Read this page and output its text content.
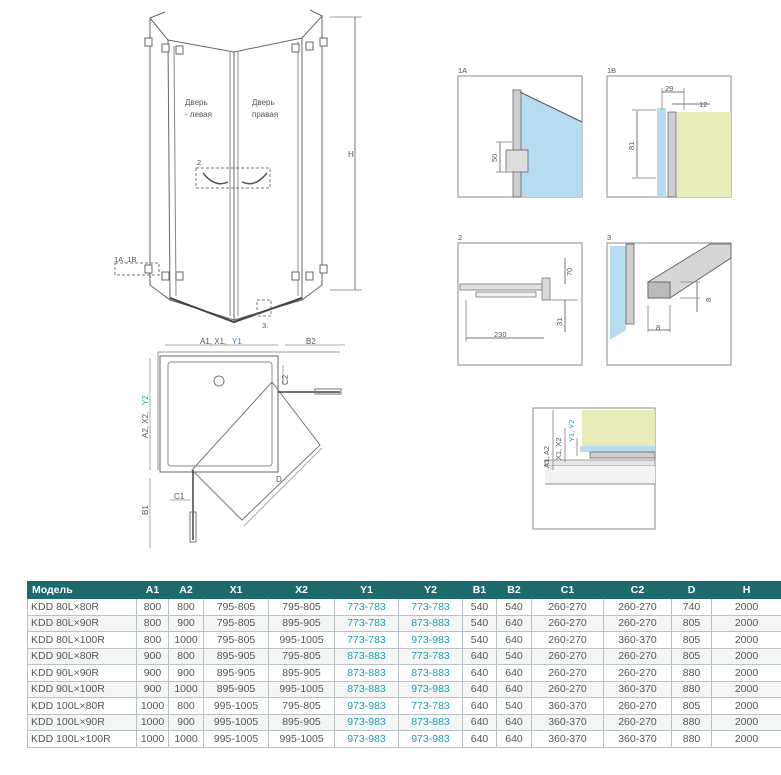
Дверь
- левая
Дверь
правая
2.
1A, 1B
3.
H
A1, X1, Y1	B2
A2, X2,
Y2
B1
C1
C2
D
1A
50
1B
29
12
81
2
70
31
230
3
8
8
A1, A2 X1, X2
Y1, Y2
Модель	A1	A2	X1	X2	Y1	Y2	B1	B2	C1	C2	D	H
KDD 80L×80R	800	800	795-805	795-805	773-783	773-783	540	540	260-270	260-270	740	2000
KDD 80L×90R	800	900	795-805	895-905	773-783	873-883	540	640	260-270	260-270	805	2000
KDD 80L×100R	800	1000	795-805	995-1005	773-783	973-983	540	640	260-270	360-370	805	2000
KDD 90L×80R	900	800	895-905	795-805	873-883	773-783	640	540	260-270	260-270	805	2000
KDD 90L×90R	900	900	895-905	895-905	873-883	873-883	640	640	260-270	260-270	880	2000
KDD 90L×100R	900	1000	895-905	995-1005	873-883	973-983	640	640	260-270	360-370	880	2000
KDD 100L×80R	1000	800	995-1005	795-805	973-983	773-783	640	540	360-370	260-270	805	2000
KDD 100L×90R	1000	900	995-1005	895-905	973-983	873-883	640	640	360-370	260-270	880	2000
KDD 100L×100R	1000	1000	995-1005	995-1005	973-983	973-983	640	640	360-370	360-370	880	2000
